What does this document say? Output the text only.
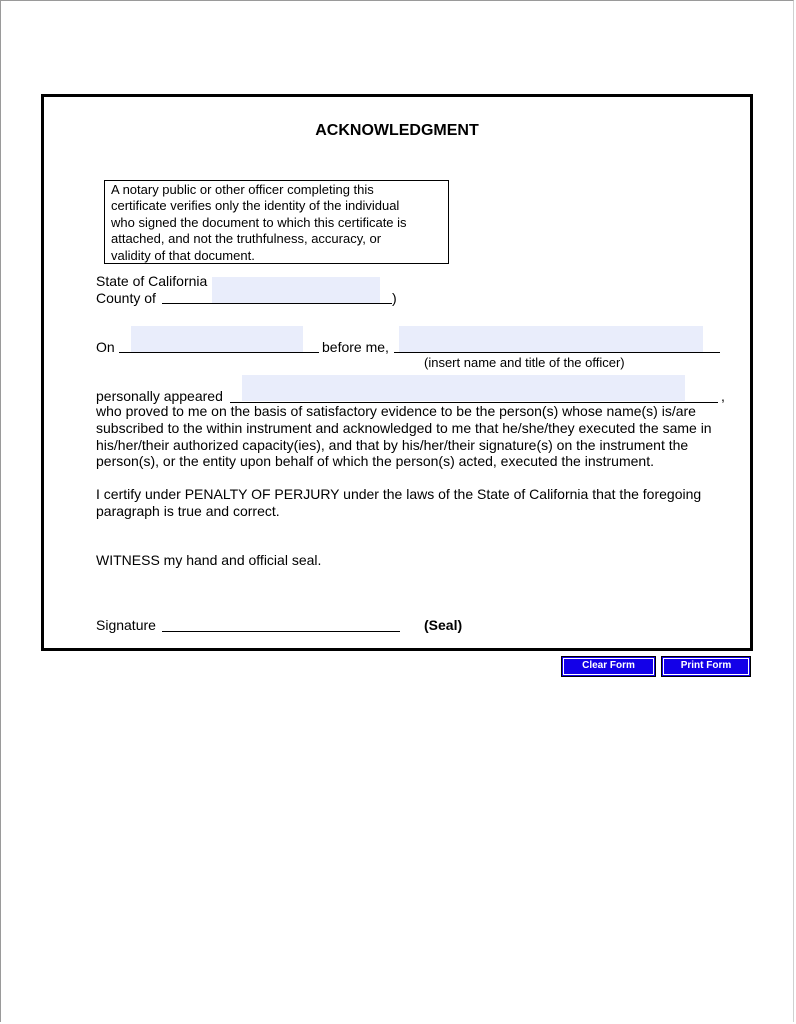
ACKNOWLEDGMENT
A notary public or other officer completing this
certificate verifies only the identity of the individual
who signed the document to which this certificate is
attached, and not the truthfulness, accuracy, or
validity of that document.
State of California
County of	)
On	before me,
(insert name and title of the officer)
personally appeared	,
who proved to me on the basis of satisfactory evidence to be the person(s) whose name(s) is/are
subscribed to the within instrument and acknowledged to me that he/she/they executed the same in
his/her/their authorized capacity(ies), and that by his/her/their signature(s) on the instrument the
person(s), or the entity upon behalf of which the person(s) acted, executed the instrument.
I certify under PENALTY OF PERJURY under the laws of the State of California that the foregoing
paragraph is true and correct.
WITNESS my hand and official seal.
Signature	(Seal)
Clear Form	Print Form
